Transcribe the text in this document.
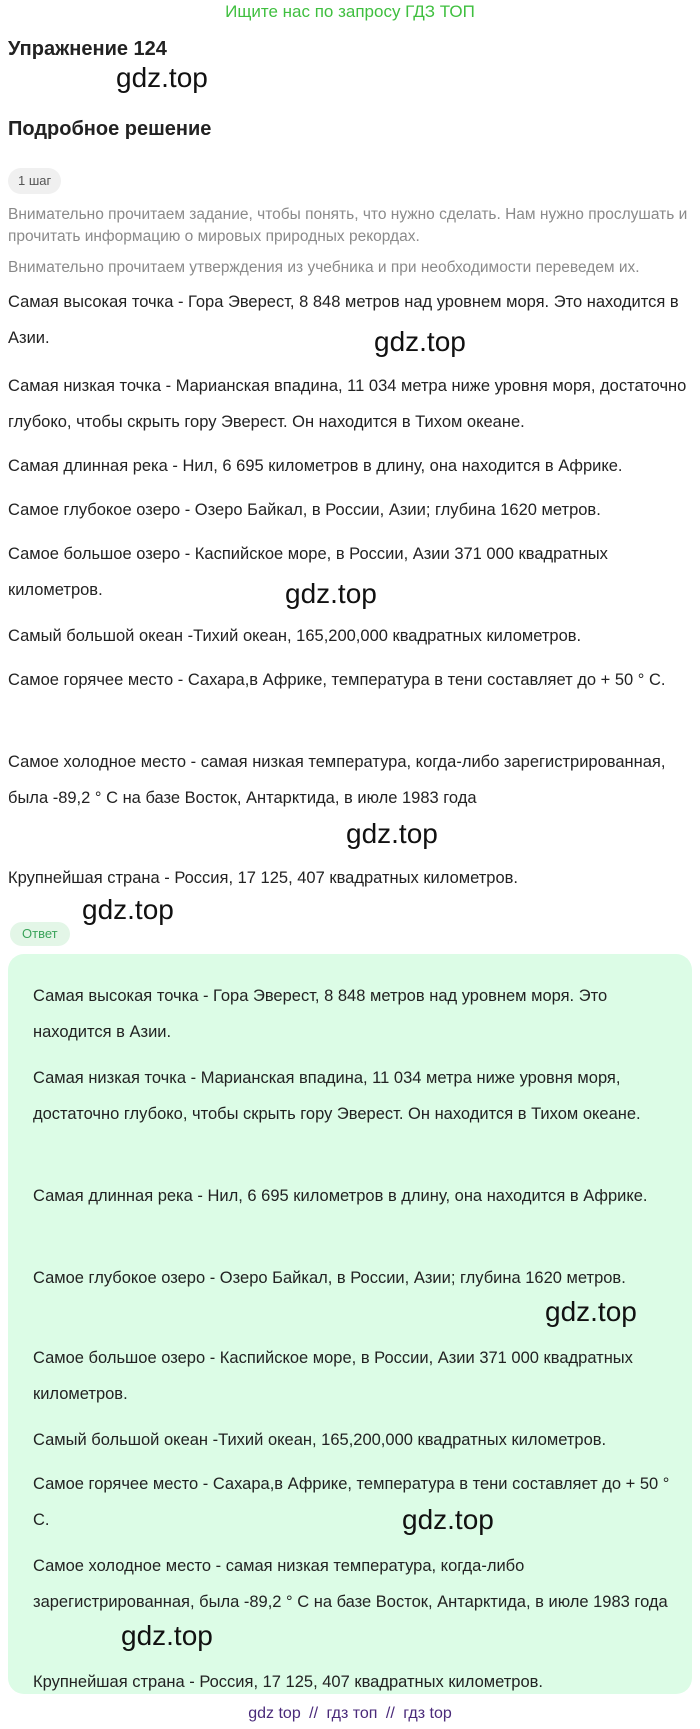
Ищите нас по запросу ГДЗ ТОП
Упражнение 124
gdz.top
Подробное решение
1 шаг

Внимательно прочитаем задание, чтобы понять, что нужно сделать. Нам нужно прослушать и прочитать информацию о мировых природных рекордах.

Внимательно прочитаем утверждения из учебника и при необходимости переведем их.

Самая высокая точка - Гора Эверест, 8 848 метров над уровнем моря. Это находится в Азии.	gdz.top

Самая низкая точка - Марианская впадина, 11 034 метра ниже уровня моря, достаточно глубоко, чтобы скрыть гору Эверест. Он находится в Тихом океане.

Самая длинная река - Нил, 6 695 километров в длину, она находится в Африке.

Самое глубокое озеро - Озеро Байкал, в России, Азии; глубина 1620 метров.

Самое большое озеро - Каспийское море, в России, Азии 371 000 квадратных километров.	gdz.top

Самый большой океан -Тихий океан, 165,200,000 квадратных километров.

Самое горячее место - Сахара,в Африке, температура в тени составляет до + 50 ° C.

Самое холодное место - самая низкая температура, когда-либо зарегистрированная, была -89,2 ° C на базе Восток, Антарктида, в июле 1983 года

gdz.top

Крупнейшая страна - Россия, 17 125, 407 квадратных километров.

gdz.top
Ответ

Самая высокая точка - Гора Эверест, 8 848 метров над уровнем моря. Это находится в Азии.

Самая низкая точка - Марианская впадина, 11 034 метра ниже уровня моря, достаточно глубоко, чтобы скрыть гору Эверест. Он находится в Тихом океане.

Самая длинная река - Нил, 6 695 километров в длину, она находится в Африке.

Самое глубокое озеро - Озеро Байкал, в России, Азии; глубина 1620 метров.

gdz.top

Самое большое озеро - Каспийское море, в России, Азии 371 000 квадратных километров.

Самый большой океан -Тихий океан, 165,200,000 квадратных километров.

Самое горячее место - Сахара,в Африке, температура в тени составляет до + 50 ° C.	gdz.top

Самое холодное место - самая низкая температура, когда-либо зарегистрированная, была -89,2 ° C на базе Восток, Антарктида, в июле 1983 года

gdz.top

Крупнейшая страна - Россия, 17 125, 407 квадратных километров.

gdz top // гдз топ // гдз top
